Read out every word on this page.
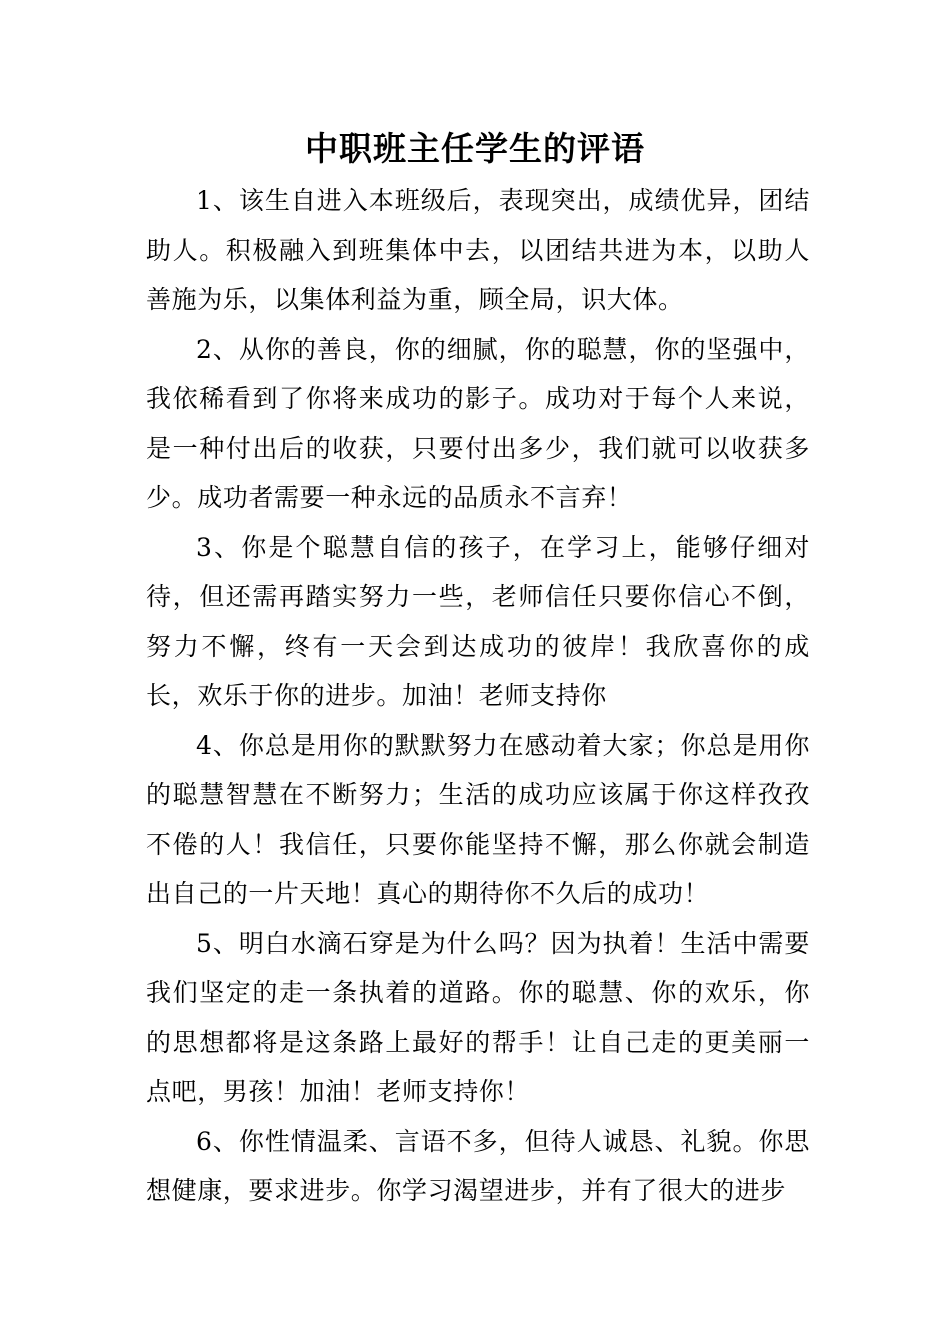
中职班主任学生的评语

1、该生自进入本班级后，表现突出，成绩优异，团结助人。积极融入到班集体中去，以团结共进为本，以助人善施为乐，以集体利益为重，顾全局，识大体。

2、从你的善良，你的细腻，你的聪慧，你的坚强中，我依稀看到了你将来成功的影子。成功对于每个人来说，是一种付出后的收获，只要付出多少，我们就可以收获多少。成功者需要一种永远的品质永不言弃！

3、你是个聪慧自信的孩子，在学习上，能够仔细对待，但还需再踏实努力一些，老师信任只要你信心不倒，努力不懈，终有一天会到达成功的彼岸！我欣喜你的成长，欢乐于你的进步。加油！老师支持你

4、你总是用你的默默努力在感动着大家；你总是用你的聪慧智慧在不断努力；生活的成功应该属于你这样孜孜不倦的人！我信任，只要你能坚持不懈，那么你就会制造出自己的一片天地！真心的期待你不久后的成功！

5、明白水滴石穿是为什么吗？因为执着！生活中需要我们坚定的走一条执着的道路。你的聪慧、你的欢乐，你的思想都将是这条路上最好的帮手！让自己走的更美丽一点吧，男孩！加油！老师支持你！

6、你性情温柔、言语不多，但待人诚恳、礼貌。你思想健康，要求进步。你学习渴望进步，并有了很大的进步
